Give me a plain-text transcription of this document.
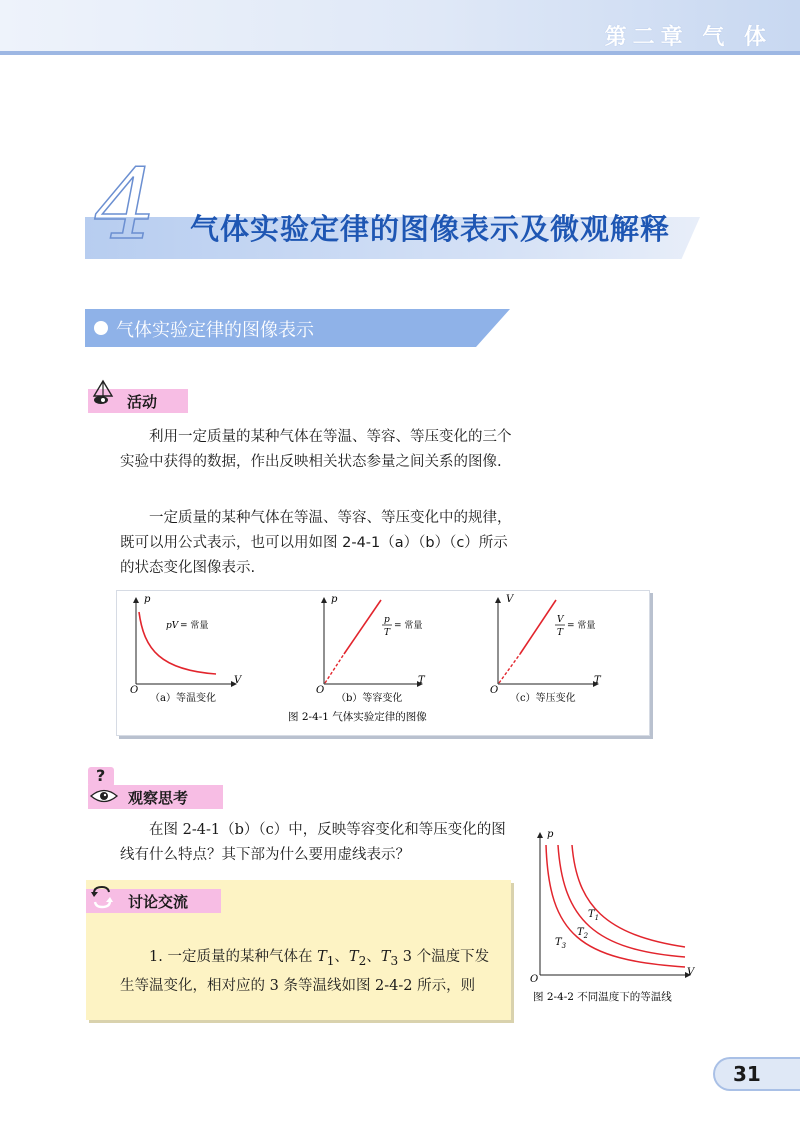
第二章 气 体
4 气体实验定律的图像表示及微观解释
气体实验定律的图像表示
活动

利用一定质量的某种气体在等温、等容、等压变化的三个实验中获得的数据，作出反映相关状态参量之间关系的图像.

一定质量的某种气体在等温、等容、等压变化中的规律，既可以用公式表示，也可以用如图 2-4-1（a）（b）（c）所示的状态变化图像表示.

p
V
O
pV = 常量
（a）等温变化
p
T
O
p
T
= 常量
（b）等容变化
V
T
O
V
T
= 常量
（c）等压变化
图 2-4-1 气体实验定律的图像
?
观察思考

在图 2-4-1（b）（c）中，反映等容变化和等压变化的图线有什么特点？其下部为什么要用虚线表示？

讨论交流

1. 一定质量的某种气体在 $T_1$、$T_2$、$T_3$ 3 个温度下发生等温变化，相对应的 3 条等温线如图 2-4-2 所示，则

p
V
O
$T_1$
$T_2$
$T_3$
图 2-4-2 不同温度下的等温线
31
